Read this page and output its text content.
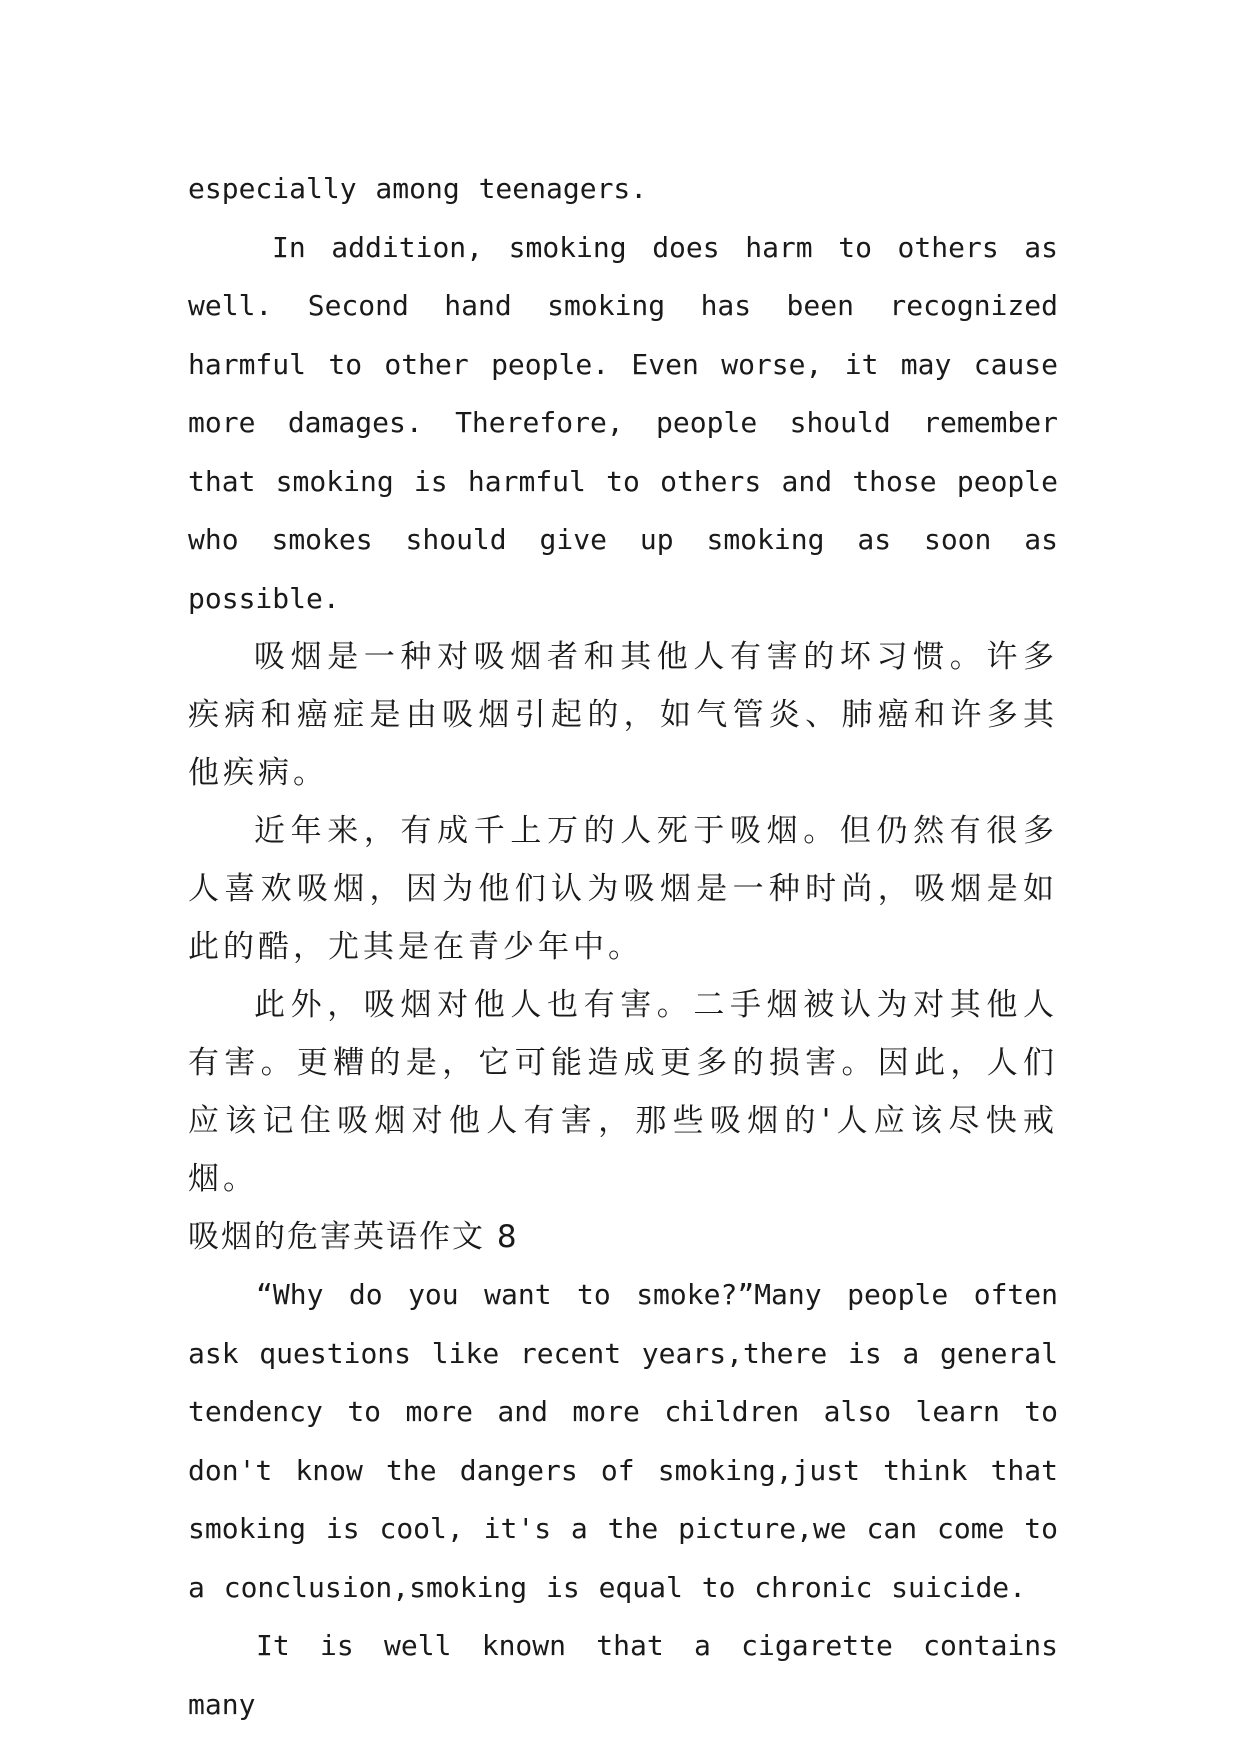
especially among teenagers.

In addition, smoking does harm to others as well. Second hand smoking has been recognized harmful to other people. Even worse, it may cause more damages. Therefore, people should remember that smoking is harmful to others and those people who smokes should give up smoking as soon as possible.

吸烟是一种对吸烟者和其他人有害的坏习惯。许多疾病和癌症是由吸烟引起的，如气管炎、肺癌和许多其他疾病。

近年来，有成千上万的人死于吸烟。但仍然有很多人喜欢吸烟，因为他们认为吸烟是一种时尚，吸烟是如此的酷，尤其是在青少年中。

此外，吸烟对他人也有害。二手烟被认为对其他人有害。更糟的是，它可能造成更多的损害。因此，人们应该记住吸烟对他人有害，那些吸烟的'人应该尽快戒烟。

吸烟的危害英语作文 8

“Why do you want to smoke?”Many people often ask questions like recent years,there is a general tendency to more and more children also learn to don't know the dangers of smoking,just think that smoking is cool, it's a the picture,we can come to a conclusion,smoking is equal to chronic suicide.

It is well known that a cigarette contains many
